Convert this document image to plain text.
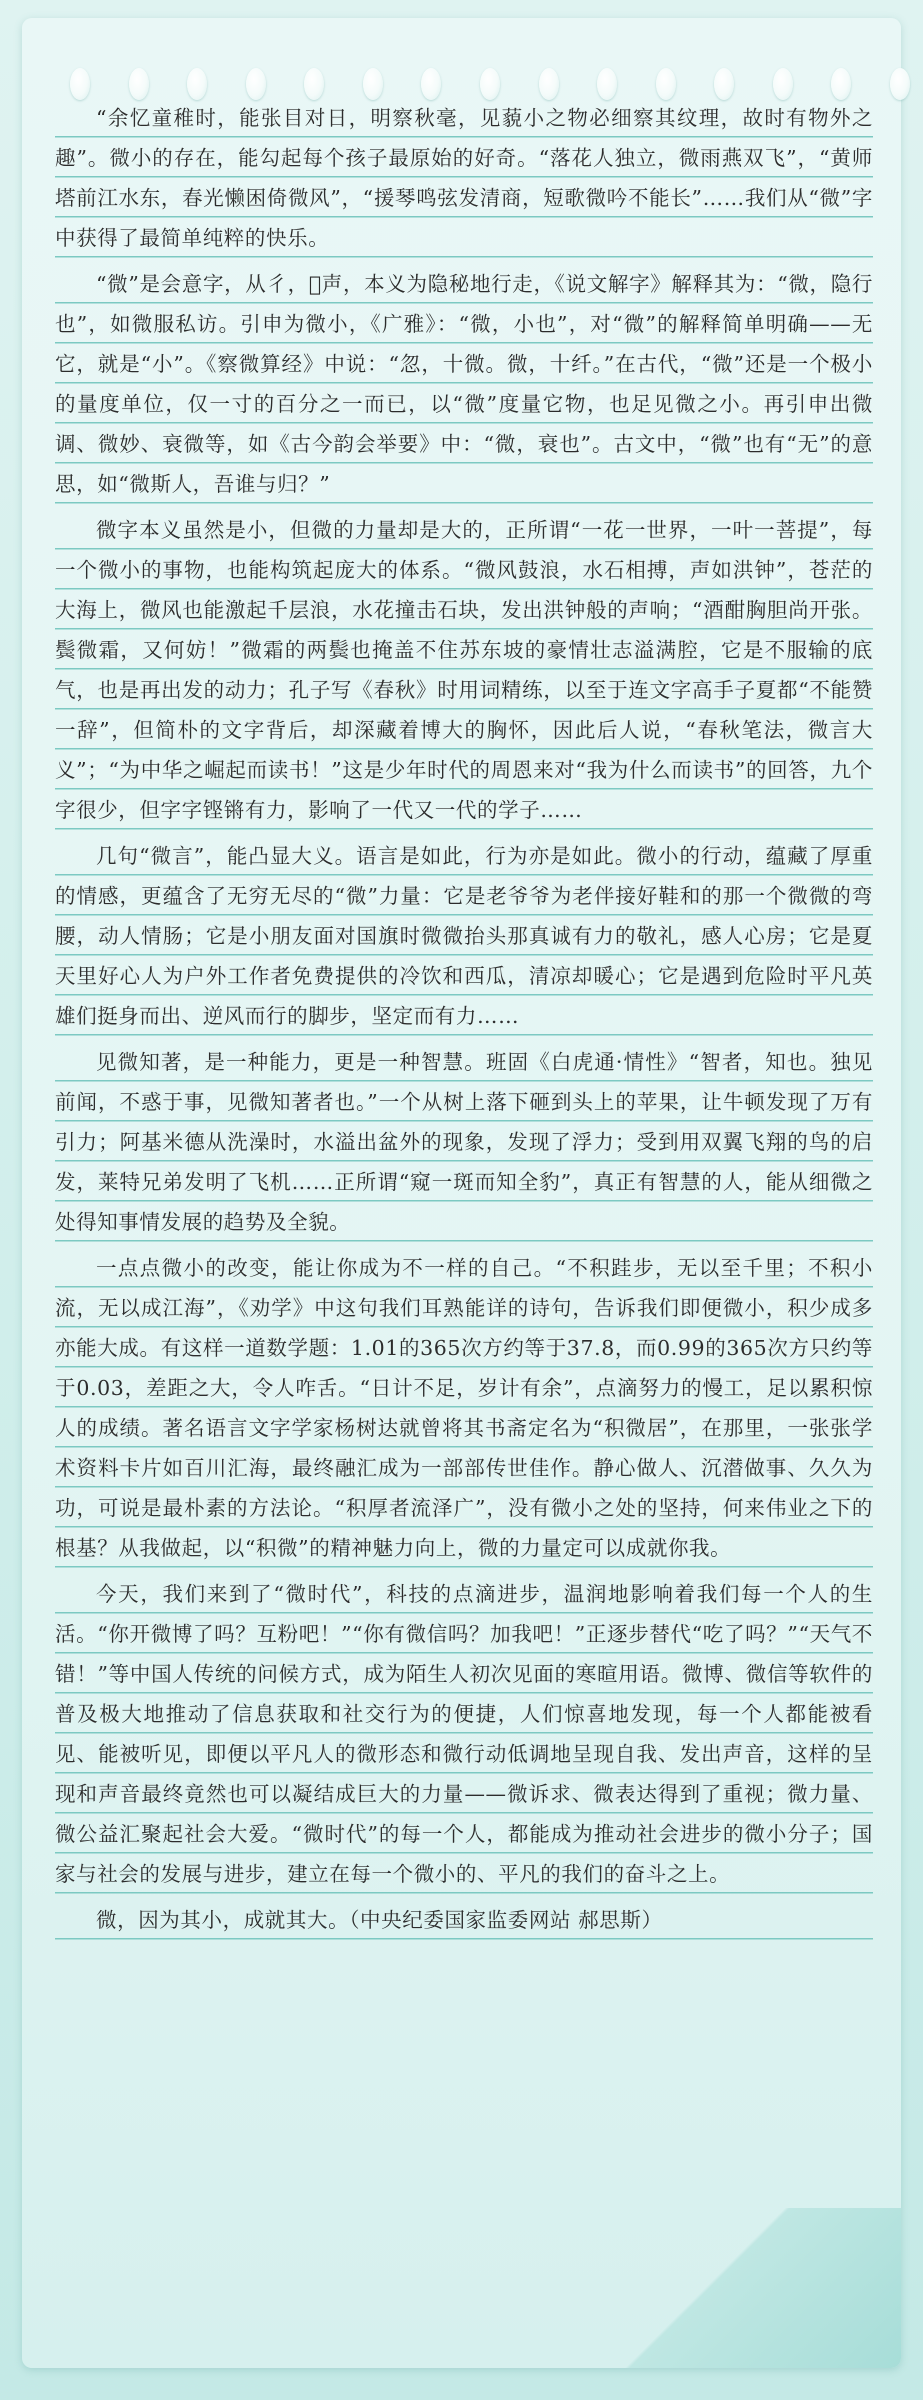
“余忆童稚时，能张目对日，明察秋毫，见藐小之物必细察其纹理，故时有物外之趣”。微小的存在，能勾起每个孩子最原始的好奇。“落花人独立，微雨燕双飞”，“黄师塔前江水东，春光懒困倚微风”，“援琴鸣弦发清商，短歌微吟不能长”……我们从“微”字中获得了最简单纯粹的快乐。

“微”是会意字，从彳，𢼸声，本义为隐秘地行走，《说文解字》解释其为：“微，隐行也”，如微服私访。引申为微小，《广雅》：“微，小也”，对“微”的解释简单明确——无它，就是“小”。《察微算经》中说：“忽，十微。微，十纤。”在古代，“微”还是一个极小的量度单位，仅一寸的百分之一而已，以“微”度量它物，也足见微之小。再引申出微调、微妙、衰微等，如《古今韵会举要》中：“微，衰也”。古文中，“微”也有“无”的意思，如“微斯人，吾谁与归？”

微字本义虽然是小，但微的力量却是大的，正所谓“一花一世界，一叶一菩提”，每一个微小的事物，也能构筑起庞大的体系。“微风鼓浪，水石相搏，声如洪钟”，苍茫的大海上，微风也能激起千层浪，水花撞击石块，发出洪钟般的声响；“酒酣胸胆尚开张。鬓微霜，又何妨！”微霜的两鬓也掩盖不住苏东坡的豪情壮志溢满腔，它是不服输的底气，也是再出发的动力；孔子写《春秋》时用词精练，以至于连文字高手子夏都“不能赞一辞”，但简朴的文字背后，却深藏着博大的胸怀，因此后人说，“春秋笔法，微言大义”；“为中华之崛起而读书！”这是少年时代的周恩来对“我为什么而读书”的回答，九个字很少，但字字铿锵有力，影响了一代又一代的学子……

几句“微言”，能凸显大义。语言是如此，行为亦是如此。微小的行动，蕴藏了厚重的情感，更蕴含了无穷无尽的“微”力量：它是老爷爷为老伴接好鞋和的那一个微微的弯腰，动人情肠；它是小朋友面对国旗时微微抬头那真诚有力的敬礼，感人心房；它是夏天里好心人为户外工作者免费提供的冷饮和西瓜，清凉却暖心；它是遇到危险时平凡英雄们挺身而出、逆风而行的脚步，坚定而有力……

见微知著，是一种能力，更是一种智慧。班固《白虎通·情性》“智者，知也。独见前闻，不惑于事，见微知著者也。”一个从树上落下砸到头上的苹果，让牛顿发现了万有引力；阿基米德从洗澡时，水溢出盆外的现象，发现了浮力；受到用双翼飞翔的鸟的启发，莱特兄弟发明了飞机……正所谓“窥一斑而知全豹”，真正有智慧的人，能从细微之处得知事情发展的趋势及全貌。

一点点微小的改变，能让你成为不一样的自己。“不积跬步，无以至千里；不积小流，无以成江海”，《劝学》中这句我们耳熟能详的诗句，告诉我们即便微小，积少成多亦能大成。有这样一道数学题：1.01的365次方约等于37.8，而0.99的365次方只约等于0.03，差距之大，令人咋舌。“日计不足，岁计有余”，点滴努力的慢工，足以累积惊人的成绩。著名语言文字学家杨树达就曾将其书斋定名为“积微居”，在那里，一张张学术资料卡片如百川汇海，最终融汇成为一部部传世佳作。静心做人、沉潜做事、久久为功，可说是最朴素的方法论。“积厚者流泽广”，没有微小之处的坚持，何来伟业之下的根基？从我做起，以“积微”的精神魅力向上，微的力量定可以成就你我。

今天，我们来到了“微时代”，科技的点滴进步，温润地影响着我们每一个人的生活。“你开微博了吗？互粉吧！”“你有微信吗？加我吧！”正逐步替代“吃了吗？”“天气不错！”等中国人传统的问候方式，成为陌生人初次见面的寒暄用语。微博、微信等软件的普及极大地推动了信息获取和社交行为的便捷，人们惊喜地发现，每一个人都能被看见、能被听见，即便以平凡人的微形态和微行动低调地呈现自我、发出声音，这样的呈现和声音最终竟然也可以凝结成巨大的力量——微诉求、微表达得到了重视；微力量、微公益汇聚起社会大爱。“微时代”的每一个人，都能成为推动社会进步的微小分子；国家与社会的发展与进步，建立在每一个微小的、平凡的我们的奋斗之上。

微，因为其小，成就其大。（中央纪委国家监委网站 郝思斯）
